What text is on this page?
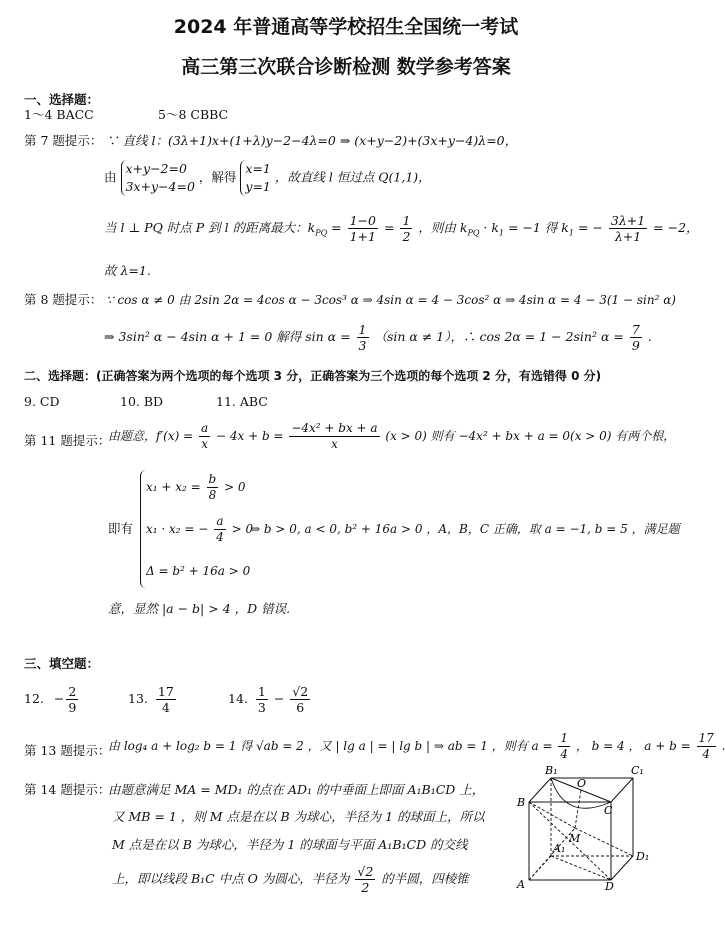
2024 年普通高等学校招生全国统一考试
高三第三次联合诊断检测 数学参考答案
一、选择题：
1～4 BACC	5～8 CBBC
第 7 题提示： ∵ 直线 l：(3λ+1)x+(1+λ)y−2−4λ=0 ⇒ (x+y−2)+(3x+y−4)λ=0，
由
x+y−2=0
3x+y−4=0
，解得
x=1
y=1
，故直线 l 恒过点 Q(1,1)，
当 l ⊥ PQ 时点 P 到 l 的距离最大：$k_{PQ} = \frac{1-0}{1+1} = \frac{1}{2}$ ，则由 $k_{PQ} \cdot k_1 = -1$ 得 $k_1$ = − $\frac{3\lambda+1}{\lambda+1} = -2$，
故 λ=1.
第 8 题提示： ∵ cos α ≠ 0 由 2sin 2α = 4cos α − 3cos³ α ⇒ 4sin α = 4 − 3cos² α ⇒ 4sin α = 4 − 3(1 − sin² α)
⇒ 3sin² α − 4sin α + 1 = 0 解得 $\sin \alpha = \frac{1}{3} (\sin$ α ≠ 1），∴ cos 2α = 1 − 2sin² $\alpha = \frac{7}{9}$ .
二、选择题：(正确答案为两个选项的每个选项 3 分，正确答案为三个选项的每个选项 2 分，有选错得 0 分)
9. CD	10. BD	11. ABC
第 11 题提示：
由题意，$f'(x) = \frac{a}{x} - 4x + b = \frac{\text{−4x² + bx + a}}{x} (x > 0)$ 则有 −4x² + bx + a = 0(x > 0) 有两个根，
即有
$x_1 + x_2 = \frac{b}{8} > 0$
x₁ · x₂ = − $\frac{a}{4} > 0$
Δ = b² + 16a > 0
⇒ b > 0, a < 0, b² + 16a > 0 ，A，B，C 正确，取 a = −1, b = 5 ，满足题
意，显然 |a − b| > 4 ，D 错误.
三、填空题：
12. − $\frac{2}{9}$	13. $\frac{17}{4}$	14. $\frac{1}{3} - \frac{√2}{6}$
第 13 题提示：
由 log₄ a + log₂ b = 1 得 √ab = 2 ，又 | lg a | = | lg b | ⇒ ab = 1 ，则有 $a = \frac{1}{4}$ ， b = 4 ， $a + b = \frac{17}{4}$
第 14 题提示：
由题意满足 MA = MD₁ 的点在 AD₁ 的中垂面上即面 A₁B₁CD 上，
又 MB = 1 ，则 M 点是在以 B 为球心，半径为 1 的球面上，所以
M 点是在以 B 为球心，半径为 1 的球面与平面 A₁B₁CD 的交线
上，即以线段 B₁C 中点 O 为圆心，半径为 $\frac{√2}{2}$ 的半圆，四棱锥
B₁	C₁
O
B
C
M
A₁
D₁
A	D
